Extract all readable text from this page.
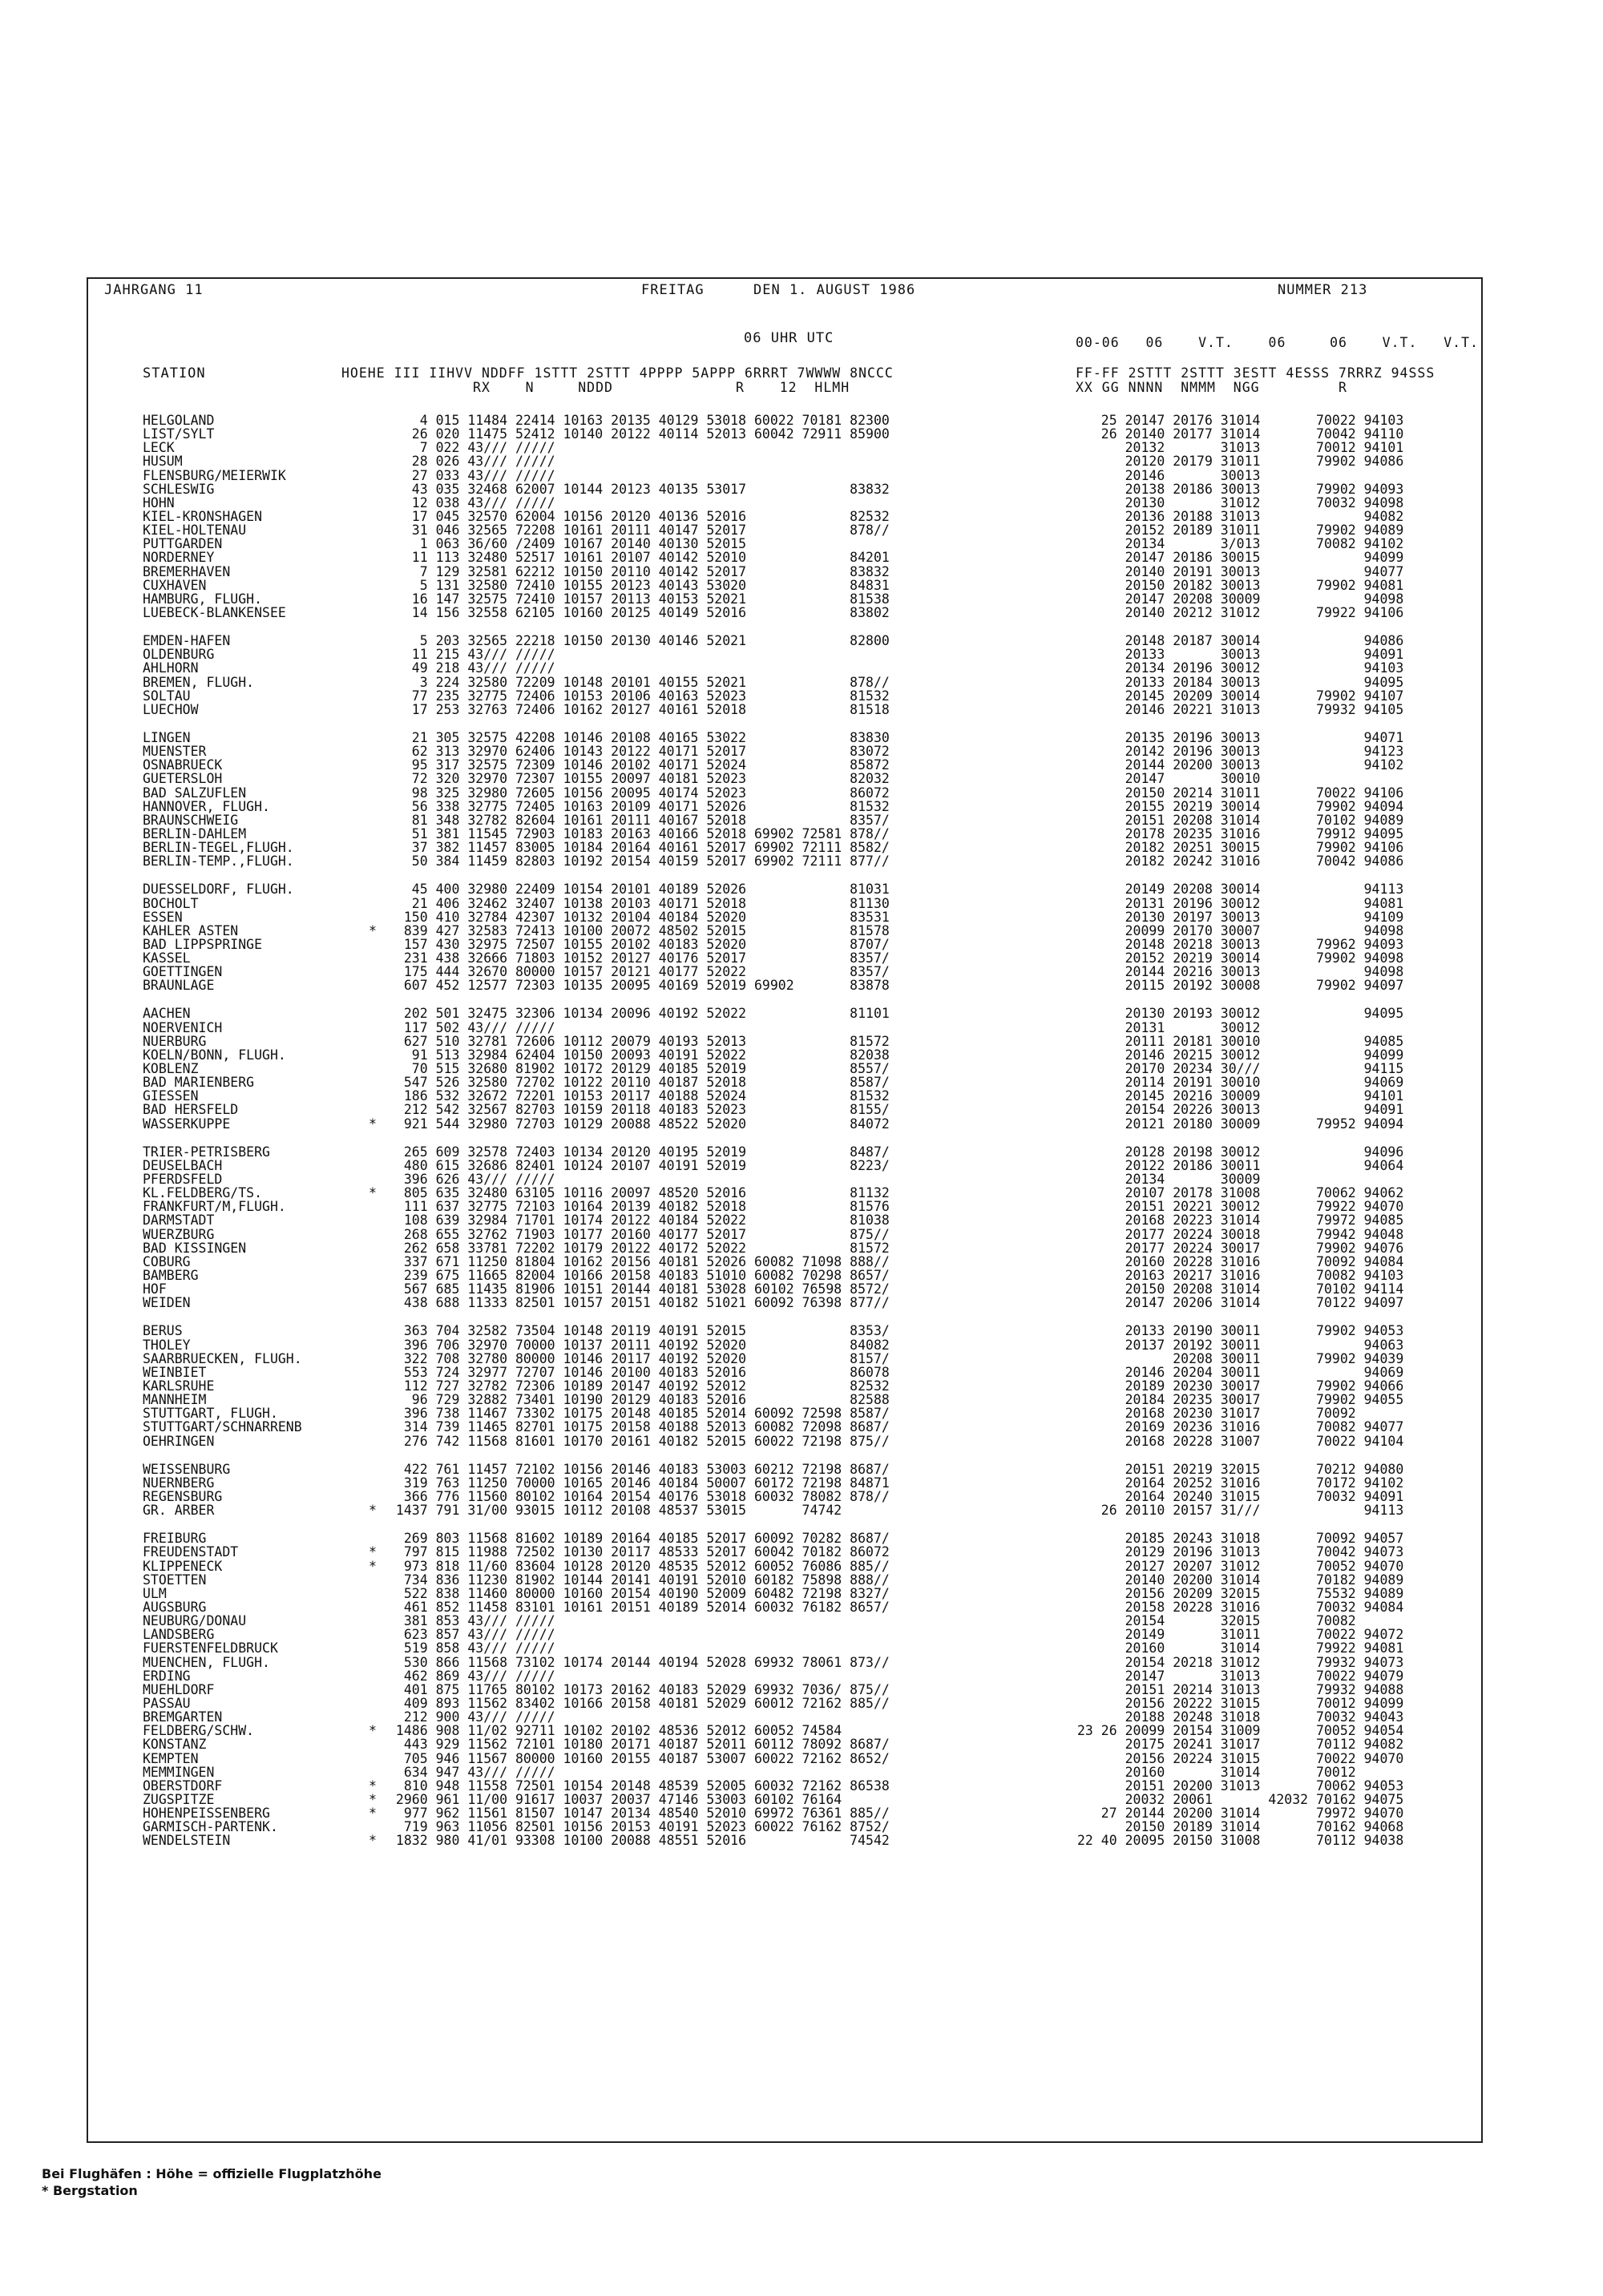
JAHRGANG 11	FREITAG	DEN 1. AUGUST 1986	NUMMER 213
06 UHR UTC	00-06   06    V.T.    06     06    V.T.   V.T.
STATION	HOEHE III IIHVV NDDFF 1STTT 2STTT 4PPPP 5APPP 6RRRT 7WWWW 8NCCC
RX    N     NDDD              R    12  HLMH
FF-FF 2STTT 2STTT 3ESTT 4ESSS 7RRRZ 94SSS
XX GG NNNN  NMMM  NGG         R
HELGOLAND	4 015 11484 22414 10163 20135 40129 53018 60022 70181 82300	25 20147 20176 31014       70022 94103
LIST/SYLT	26 020 11475 52412 10140 20122 40114 52013 60042 72911 85900	26 20140 20177 31014       70042 94110
LECK	7 022 43/// /////	20132       31013       70012 94101
HUSUM	28 026 43/// /////	20120 20179 31011       79902 94086
FLENSBURG/MEIERWIK	27 033 43/// /////	20146       30013
SCHLESWIG	43 035 32468 62007 10144 20123 40135 53017             83832	20138 20186 30013       79902 94093
HOHN	12 038 43/// /////	20130       31012       70032 94098
KIEL-KRONSHAGEN	17 045 32570 62004 10156 20120 40136 52016             82532	20136 20188 31013             94082
KIEL-HOLTENAU	31 046 32565 72208 10161 20111 40147 52017             878//	20152 20189 31011       79902 94089
PUTTGARDEN	1 063 36/60 /2409 10167 20140 40130 52015	20134       3/013       70082 94102
NORDERNEY	11 113 32480 52517 10161 20107 40142 52010             84201	20147 20186 30015             94099
BREMERHAVEN	7 129 32581 62212 10150 20110 40142 52017             83832	20140 20191 30013             94077
CUXHAVEN	5 131 32580 72410 10155 20123 40143 53020             84831	20150 20182 30013       79902 94081
HAMBURG, FLUGH.	16 147 32575 72410 10157 20113 40153 52021             81538	20147 20208 30009             94098
LUEBECK-BLANKENSEE	14 156 32558 62105 10160 20125 40149 52016             83802	20140 20212 31012       79922 94106
EMDEN-HAFEN	5 203 32565 22218 10150 20130 40146 52021             82800	20148 20187 30014             94086
OLDENBURG	11 215 43/// /////	20133       30013             94091
AHLHORN	49 218 43/// /////	20134 20196 30012             94103
BREMEN, FLUGH.	3 224 32580 72209 10148 20101 40155 52021             878//	20133 20184 30013             94095
SOLTAU	77 235 32775 72406 10153 20106 40163 52023             81532	20145 20209 30014       79902 94107
LUECHOW	17 253 32763 72406 10162 20127 40161 52018             81518	20146 20221 31013       79932 94105
LINGEN	21 305 32575 42208 10146 20108 40165 53022             83830	20135 20196 30013             94071
MUENSTER	62 313 32970 62406 10143 20122 40171 52017             83072	20142 20196 30013             94123
OSNABRUECK	95 317 32575 72309 10146 20102 40171 52024             85872	20144 20200 30013             94102
GUETERSLOH	72 320 32970 72307 10155 20097 40181 52023             82032	20147       30010
BAD SALZUFLEN	98 325 32980 72605 10156 20095 40174 52023             86072	20150 20214 31011       70022 94106
HANNOVER, FLUGH.	56 338 32775 72405 10163 20109 40171 52026             81532	20155 20219 30014       79902 94094
BRAUNSCHWEIG	81 348 32782 82604 10161 20111 40167 52018             8357/	20151 20208 31014       70102 94089
BERLIN-DAHLEM	51 381 11545 72903 10183 20163 40166 52018 69902 72581 878//	20178 20235 31016       79912 94095
BERLIN-TEGEL,FLUGH.	37 382 11457 83005 10184 20164 40161 52017 69902 72111 8582/	20182 20251 30015       79902 94106
BERLIN-TEMP.,FLUGH.	50 384 11459 82803 10192 20154 40159 52017 69902 72111 877//	20182 20242 31016       70042 94086
DUESSELDORF, FLUGH.	45 400 32980 22409 10154 20101 40189 52026             81031	20149 20208 30014             94113
BOCHOLT	21 406 32462 32407 10138 20103 40171 52018             81130	20131 20196 30012             94081
ESSEN	150 410 32784 42307 10132 20104 40184 52020             83531	20130 20197 30013             94109
KAHLER ASTEN	* 839 427 32583 72413 10100 20072 48502 52015             81578	20099 20170 30007             94098
BAD LIPPSPRINGE	157 430 32975 72507 10155 20102 40183 52020             8707/	20148 20218 30013       79962 94093
KASSEL	231 438 32666 71803 10152 20127 40176 52017             8357/	20152 20219 30014       79902 94098
GOETTINGEN	175 444 32670 80000 10157 20121 40177 52022             8357/	20144 20216 30013             94098
BRAUNLAGE	607 452 12577 72303 10135 20095 40169 52019 69902       83878	20115 20192 30008       79902 94097
AACHEN	202 501 32475 32306 10134 20096 40192 52022             81101	20130 20193 30012             94095
NOERVENICH	117 502 43/// /////	20131       30012
NUERBURG	627 510 32781 72606 10112 20079 40193 52013             81572	20111 20181 30010             94085
KOELN/BONN, FLUGH.	91 513 32984 62404 10150 20093 40191 52022             82038	20146 20215 30012             94099
KOBLENZ	70 515 32680 81902 10172 20129 40185 52019             8557/	20170 20234 30///             94115
BAD MARIENBERG	547 526 32580 72702 10122 20110 40187 52018             8587/	20114 20191 30010             94069
GIESSEN	186 532 32672 72201 10153 20117 40188 52024             81532	20145 20216 30009             94101
BAD HERSFELD	212 542 32567 82703 10159 20118 40183 52023             8155/	20154 20226 30013             94091
WASSERKUPPE	* 921 544 32980 72703 10129 20088 48522 52020             84072	20121 20180 30009       79952 94094
TRIER-PETRISBERG	265 609 32578 72403 10134 20120 40195 52019             8487/	20128 20198 30012             94096
DEUSELBACH	480 615 32686 82401 10124 20107 40191 52019             8223/	20122 20186 30011             94064
PFERDSFELD	396 626 43/// /////	20134       30009
KL.FELDBERG/TS.	* 805 635 32480 63105 10116 20097 48520 52016             81132	20107 20178 31008       70062 94062
FRANKFURT/M,FLUGH.	111 637 32775 72103 10164 20139 40182 52018             81576	20151 20221 30012       79922 94070
DARMSTADT	108 639 32984 71701 10174 20122 40184 52022             81038	20168 20223 31014       79972 94085
WUERZBURG	268 655 32762 71903 10177 20160 40177 52017             875//	20177 20224 30018       79942 94048
BAD KISSINGEN	262 658 33781 72202 10179 20122 40172 52022             81572	20177 20224 30017       79902 94076
COBURG	337 671 11250 81804 10162 20156 40181 52026 60082 71098 888//	20160 20228 31016       70092 94084
BAMBERG	239 675 11665 82004 10166 20158 40183 51010 60082 70298 8657/	20163 20217 31016       70082 94103
HOF	567 685 11435 81906 10151 20144 40181 53028 60102 76598 8572/	20150 20208 31014       70102 94114
WEIDEN	438 688 11333 82501 10157 20151 40182 51021 60092 76398 877//	20147 20206 31014       70122 94097
BERUS	363 704 32582 73504 10148 20119 40191 52015             8353/	20133 20190 30011       79902 94053
THOLEY	396 706 32970 70000 10137 20111 40192 52020             84082	20137 20192 30011             94063
SAARBRUECKEN, FLUGH.	322 708 32780 80000 10146 20117 40192 52020             8157/	20208 30011       79902 94039
WEINBIET	553 724 32977 72707 10146 20100 40183 52016             86078	20146 20204 30011             94069
KARLSRUHE	112 727 32782 72306 10189 20147 40192 52012             82532	20189 20230 30017       79902 94066
MANNHEIM	96 729 32882 73401 10190 20129 40183 52016             82588	20184 20235 30017       79902 94055
STUTTGART, FLUGH.	396 738 11467 73302 10175 20148 40185 52014 60092 72598 8587/	20168 20230 31017       70092
STUTTGART/SCHNARRENB	314 739 11465 82701 10175 20158 40188 52013 60082 72098 8687/	20169 20236 31016       70082 94077
OEHRINGEN	276 742 11568 81601 10170 20161 40182 52015 60022 72198 875//	20168 20228 31007       70022 94104
WEISSENBURG	422 761 11457 72102 10156 20146 40183 53003 60212 72198 8687/	20151 20219 32015       70212 94080
NUERNBERG	319 763 11250 70000 10165 20146 40184 50007 60172 72198 84871	20164 20252 31016       70172 94102
REGENSBURG	366 776 11560 80102 10164 20154 40176 53018 60032 78082 878//	20164 20240 31015       70032 94091
GR. ARBER	* 1437 791 31/00 93015 10112 20108 48537 53015       74742	26 20110 20157 31///             94113
FREIBURG	269 803 11568 81602 10189 20164 40185 52017 60092 70282 8687/	20185 20243 31018       70092 94057
FREUDENSTADT	* 797 815 11988 72502 10130 20117 48533 52017 60042 70182 86072	20129 20196 31013       70042 94073
KLIPPENECK	* 973 818 11/60 83604 10128 20120 48535 52012 60052 76086 885//	20127 20207 31012       70052 94070
STOETTEN	734 836 11230 81902 10144 20141 40191 52010 60182 75898 888//	20140 20200 31014       70182 94089
ULM	522 838 11460 80000 10160 20154 40190 52009 60482 72198 8327/	20156 20209 32015       75532 94089
AUGSBURG	461 852 11458 83101 10161 20151 40189 52014 60032 76182 8657/	20158 20228 31016       70032 94084
NEUBURG/DONAU	381 853 43/// /////	20154       32015       70082
LANDSBERG	623 857 43/// /////	20149       31011       70022 94072
FUERSTENFELDBRUCK	519 858 43/// /////	20160       31014       79922 94081
MUENCHEN, FLUGH.	530 866 11568 73102 10174 20144 40194 52028 69932 78061 873//	20154 20218 31012       79932 94073
ERDING	462 869 43/// /////	20147       31013       70022 94079
MUEHLDORF	401 875 11765 80102 10173 20162 40183 52029 69932 7036/ 875//	20151 20214 31013       79932 94088
PASSAU	409 893 11562 83402 10166 20158 40181 52029 60012 72162 885//	20156 20222 31015       70012 94099
BREMGARTEN	212 900 43/// /////	20188 20248 31018       70032 94043
FELDBERG/SCHW.	* 1486 908 11/02 92711 10102 20102 48536 52012 60052 74584	23 26 20099 20154 31009       70052 94054
KONSTANZ	443 929 11562 72101 10180 20171 40187 52011 60112 78092 8687/	20175 20241 31017       70112 94082
KEMPTEN	705 946 11567 80000 10160 20155 40187 53007 60022 72162 8652/	20156 20224 31015       70022 94070
MEMMINGEN	634 947 43/// /////	20160       31014       70012
OBERSTDORF	* 810 948 11558 72501 10154 20148 48539 52005 60032 72162 86538	20151 20200 31013       70062 94053
ZUGSPITZE	* 2960 961 11/00 91617 10037 20037 47146 53003 60102 76164	20032 20061       42032 70162 94075
HOHENPEISSENBERG	* 977 962 11561 81507 10147 20134 48540 52010 69972 76361 885//	27 20144 20200 31014       79972 94070
GARMISCH-PARTENK.	719 963 11056 82501 10156 20153 40191 52023 60022 76162 8752/	20150 20189 31014       70162 94068
WENDELSTEIN	* 1832 980 41/01 93308 10100 20088 48551 52016             74542	22 40 20095 20150 31008       70112 94038
Bei Flughäfen : Höhe = offizielle Flugplatzhöhe
* Bergstation
